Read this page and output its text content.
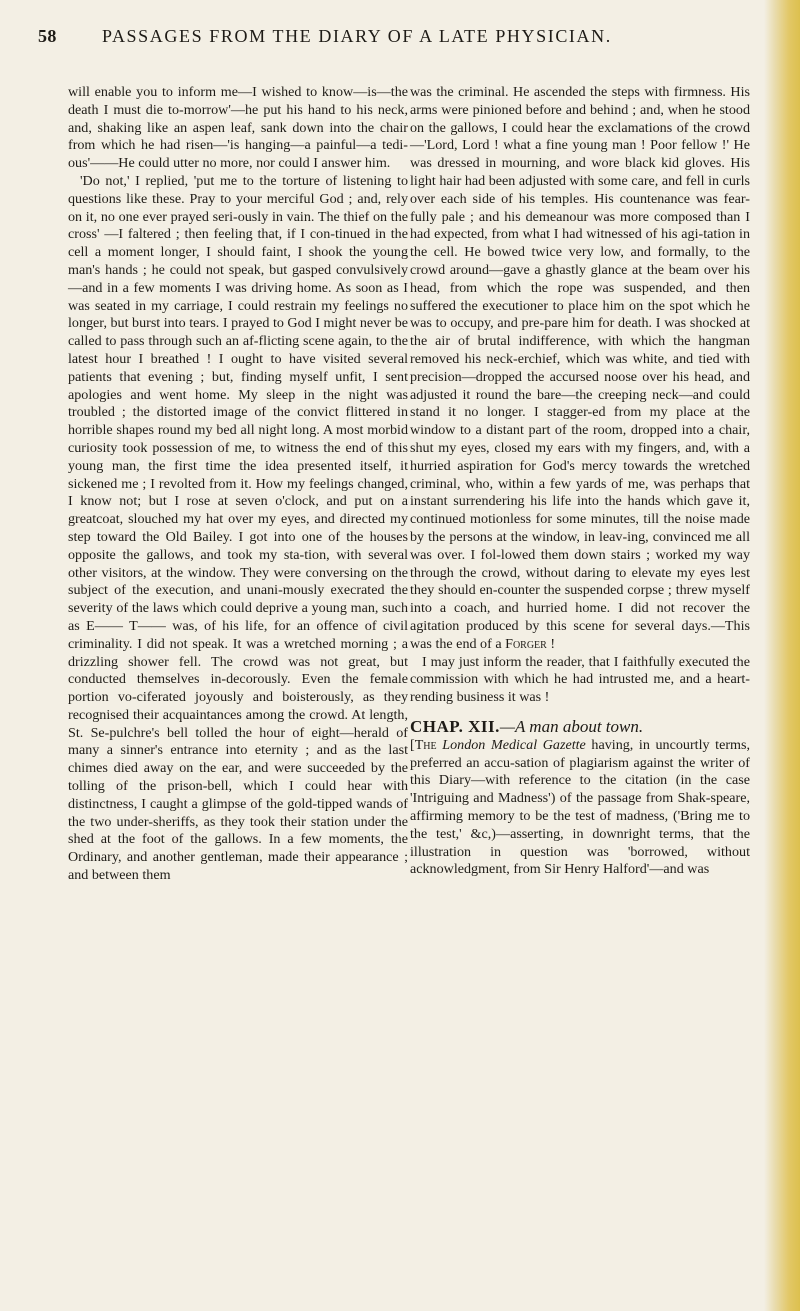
58	PASSAGES FROM THE DIARY OF A LATE PHYSICIAN.

will enable you to inform me—I wished to know—is—the death I must die to-morrow'—he put his hand to his neck, and, shaking like an aspen leaf, sank down into the chair from which he had risen—'is hanging—a painful—a tedi-ous'——He could utter no more, nor could I answer him.

'Do not,' I replied, 'put me to the torture of listening to questions like these. Pray to your merciful God ; and, rely on it, no one ever prayed seri-ously in vain. The thief on the cross' —I faltered ; then feeling that, if I con-tinued in the cell a moment longer, I should faint, I shook the young man's hands ; he could not speak, but gasped convulsively—and in a few moments I was driving home. As soon as I was seated in my carriage, I could restrain my feelings no longer, but burst into tears. I prayed to God I might never be called to pass through such an af-flicting scene again, to the latest hour I breathed ! I ought to have visited several patients that evening ; but, finding myself unfit, I sent apologies and went home. My sleep in the night was troubled ; the distorted image of the convict flittered in horrible shapes round my bed all night long. A most morbid curiosity took possession of me, to witness the end of this young man, the first time the idea presented itself, it sickened me ; I revolted from it. How my feelings changed, I know not; but I rose at seven o'clock, and put on a greatcoat, slouched my hat over my eyes, and directed my step toward the Old Bailey. I got into one of the houses opposite the gallows, and took my sta-tion, with several other visitors, at the window. They were conversing on the subject of the execution, and unani-mously execrated the severity of the laws which could deprive a young man, such as E—— T—— was, of his life, for an offence of civil criminality. I did not speak. It was a wretched morning ; a drizzling shower fell. The crowd was not great, but conducted themselves in-decorously. Even the female portion vo-ciferated joyously and boisterously, as they recognised their acquaintances among the crowd. At length, St. Se-pulchre's bell tolled the hour of eight—herald of many a sinner's entrance into eternity ; and as the last chimes died away on the ear, and were succeeded by the tolling of the prison-bell, which I could hear with distinctness, I caught a glimpse of the gold-tipped wands of the two under-sheriffs, as they took their station under the shed at the foot of the gallows. In a few moments, the Ordinary, and another gentleman, made their appearance ; and between them

was the criminal. He ascended the steps with firmness. His arms were pinioned before and behind ; and, when he stood on the gallows, I could hear the exclamations of the crowd—'Lord, Lord ! what a fine young man ! Poor fellow !' He was dressed in mourning, and wore black kid gloves. His light hair had been adjusted with some care, and fell in curls over each side of his temples. His countenance was fear-fully pale ; and his demeanour was more composed than I had expected, from what I had witnessed of his agi-tation in the cell. He bowed twice very low, and formally, to the crowd around—gave a ghastly glance at the beam over his head, from which the rope was suspended, and then suffered the executioner to place him on the spot which he was to occupy, and pre-pare him for death. I was shocked at the air of brutal indifference, with which the hangman removed his neck-erchief, which was white, and tied with precision—dropped the accursed noose over his head, and adjusted it round the bare—the creeping neck—and could stand it no longer. I stagger-ed from my place at the window to a distant part of the room, dropped into a chair, shut my eyes, closed my ears with my fingers, and, with a hurried aspiration for God's mercy towards the wretched criminal, who, within a few yards of me, was perhaps that instant surrendering his life into the hands which gave it, continued motionless for some minutes, till the noise made by the persons at the window, in leav-ing, convinced me all was over. I fol-lowed them down stairs ; worked my way through the crowd, without daring to elevate my eyes lest they should en-counter the suspended corpse ; threw myself into a coach, and hurried home. I did not recover the agitation produced by this scene for several days.—This was the end of a Forger !

I may just inform the reader, that I faithfully executed the commission with which he had intrusted me, and a heart-rending business it was !

CHAP. XII.—A man about town.

[The London Medical Gazette having, in uncourtly terms, preferred an accu-sation of plagiarism against the writer of this Diary—with reference to the citation (in the case 'Intriguing and Madness') of the passage from Shak-speare, affirming memory to be the test of madness, ('Bring me to the test,' &c,)—asserting, in downright terms, that the illustration in question was 'borrowed, without acknowledgment, from Sir Henry Halford'—and was
